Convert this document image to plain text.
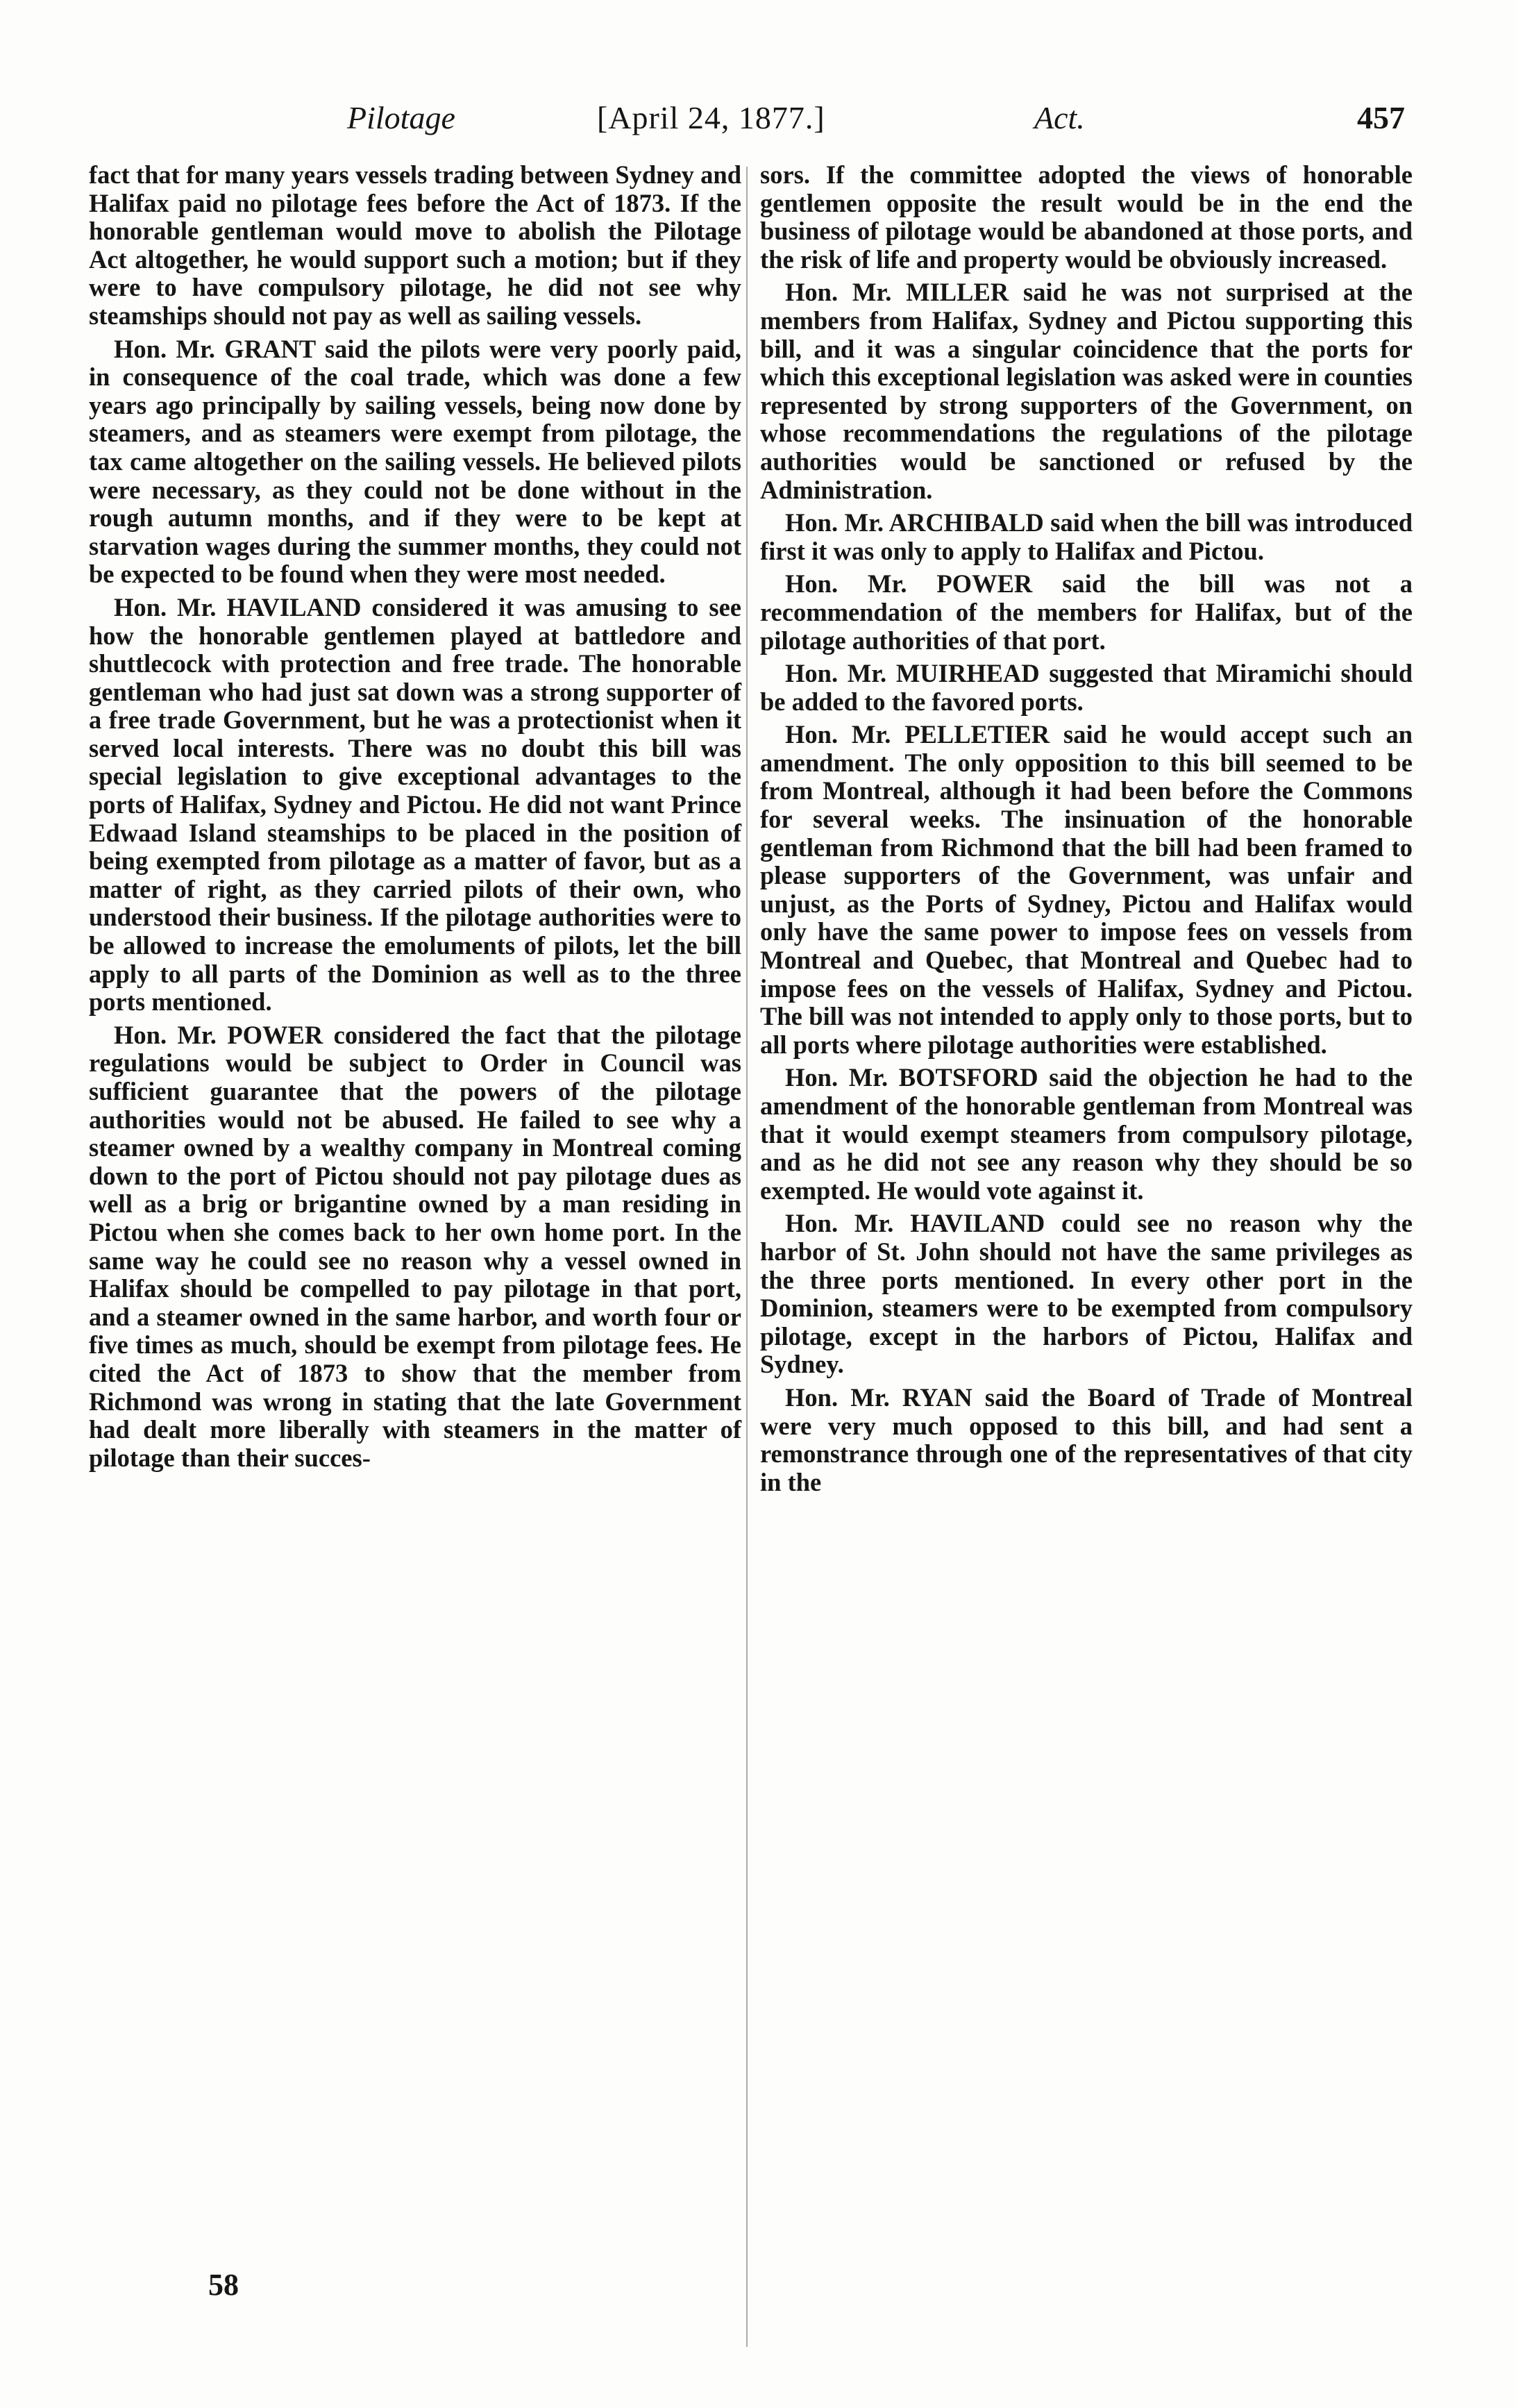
Pilotage	[April 24, 1877.]	Act.	457

fact that for many years vessels trading between Sydney and Halifax paid no pilotage fees before the Act of 1873. If the honorable gentleman would move to abolish the Pilotage Act altogether, he would support such a motion; but if they were to have compulsory pilotage, he did not see why steamships should not pay as well as sailing vessels.

Hon. Mr. GRANT said the pilots were very poorly paid, in consequence of the coal trade, which was done a few years ago principally by sailing vessels, being now done by steamers, and as steamers were exempt from pilotage, the tax came altogether on the sailing vessels. He believed pilots were necessary, as they could not be done without in the rough autumn months, and if they were to be kept at starvation wages during the summer months, they could not be expected to be found when they were most needed.

Hon. Mr. HAVILAND considered it was amusing to see how the honorable gentlemen played at battledore and shuttlecock with protection and free trade. The honorable gentleman who had just sat down was a strong supporter of a free trade Government, but he was a protectionist when it served local interests. There was no doubt this bill was special legislation to give exceptional advantages to the ports of Halifax, Sydney and Pictou. He did not want Prince Edwaad Island steamships to be placed in the position of being exempted from pilotage as a matter of favor, but as a matter of right, as they carried pilots of their own, who understood their business. If the pilotage authorities were to be allowed to increase the emoluments of pilots, let the bill apply to all parts of the Dominion as well as to the three ports mentioned.

Hon. Mr. POWER considered the fact that the pilotage regulations would be subject to Order in Council was sufficient guarantee that the powers of the pilotage authorities would not be abused. He failed to see why a steamer owned by a wealthy company in Montreal coming down to the port of Pictou should not pay pilotage dues as well as a brig or brigantine owned by a man residing in Pictou when she comes back to her own home port. In the same way he could see no reason why a vessel owned in Halifax should be compelled to pay pilotage in that port, and a steamer owned in the same harbor, and worth four or five times as much, should be exempt from pilotage fees. He cited the Act of 1873 to show that the member from Richmond was wrong in stating that the late Government had dealt more liberally with steamers in the matter of pilotage than their succes-

sors. If the committee adopted the views of honorable gentlemen opposite the result would be in the end the business of pilotage would be abandoned at those ports, and the risk of life and property would be obviously increased.

Hon. Mr. MILLER said he was not surprised at the members from Halifax, Sydney and Pictou supporting this bill, and it was a singular coincidence that the ports for which this exceptional legislation was asked were in counties represented by strong supporters of the Government, on whose recommendations the regulations of the pilotage authorities would be sanctioned or refused by the Administration.

Hon. Mr. ARCHIBALD said when the bill was introduced first it was only to apply to Halifax and Pictou.

Hon. Mr. POWER said the bill was not a recommendation of the members for Halifax, but of the pilotage authorities of that port.

Hon. Mr. MUIRHEAD suggested that Miramichi should be added to the favored ports.

Hon. Mr. PELLETIER said he would accept such an amendment. The only opposition to this bill seemed to be from Montreal, although it had been before the Commons for several weeks. The insinuation of the honorable gentleman from Richmond that the bill had been framed to please supporters of the Government, was unfair and unjust, as the Ports of Sydney, Pictou and Halifax would only have the same power to impose fees on vessels from Montreal and Quebec, that Montreal and Quebec had to impose fees on the vessels of Halifax, Sydney and Pictou. The bill was not intended to apply only to those ports, but to all ports where pilotage authorities were established.

Hon. Mr. BOTSFORD said the objection he had to the amendment of the honorable gentleman from Montreal was that it would exempt steamers from compulsory pilotage, and as he did not see any reason why they should be so exempted. He would vote against it.

Hon. Mr. HAVILAND could see no reason why the harbor of St. John should not have the same privileges as the three ports mentioned. In every other port in the Dominion, steamers were to be exempted from compulsory pilotage, except in the harbors of Pictou, Halifax and Sydney.

Hon. Mr. RYAN said the Board of Trade of Montreal were very much opposed to this bill, and had sent a remonstrance through one of the representatives of that city in the

58
